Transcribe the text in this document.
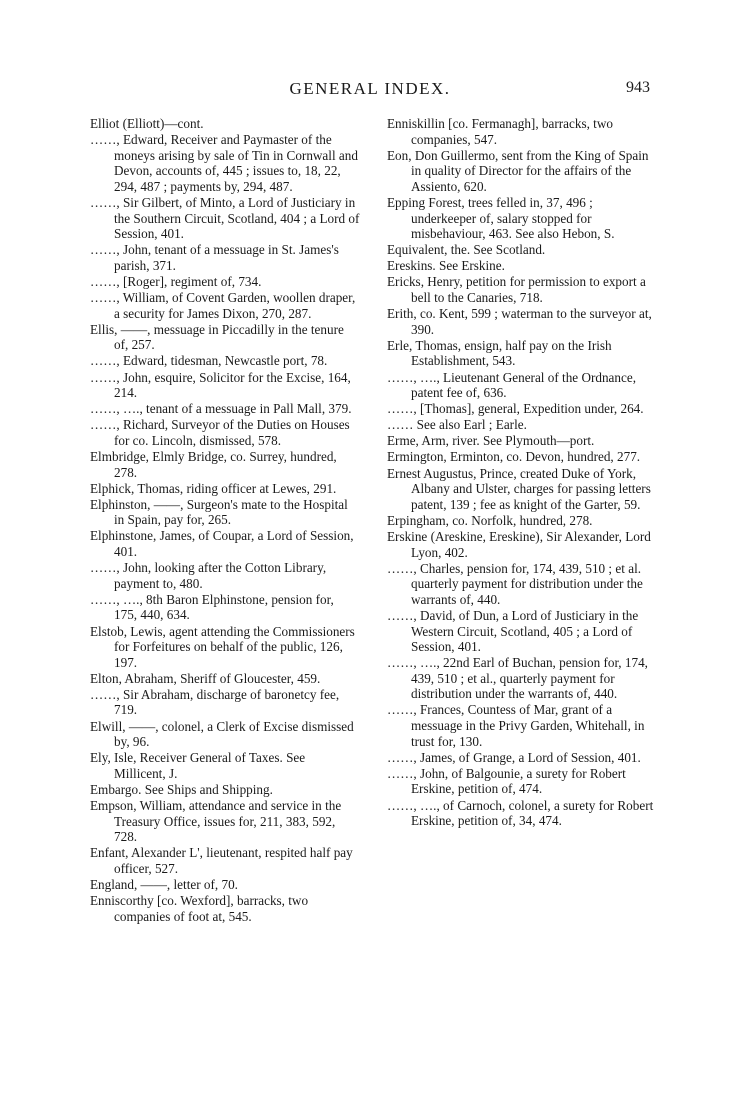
GENERAL INDEX.	943

Elliot (Elliott)—cont.

……, Edward, Receiver and Paymaster of the moneys arising by sale of Tin in Cornwall and Devon, accounts of, 445 ; issues to, 18, 22, 294, 487 ; payments by, 294, 487.

……, Sir Gilbert, of Minto, a Lord of Justiciary in the Southern Circuit, Scotland, 404 ; a Lord of Session, 401.

……, John, tenant of a messuage in St. James's parish, 371.

……, [Roger], regiment of, 734.

……, William, of Covent Garden, woollen draper, a security for James Dixon, 270, 287.

Ellis, ——, messuage in Piccadilly in the tenure of, 257.

……, Edward, tidesman, Newcastle port, 78.

……, John, esquire, Solicitor for the Excise, 164, 214.

……, …., tenant of a messuage in Pall Mall, 379.

……, Richard, Surveyor of the Duties on Houses for co. Lincoln, dismissed, 578.

Elmbridge, Elmly Bridge, co. Surrey, hundred, 278.

Elphick, Thomas, riding officer at Lewes, 291.

Elphinston, ——, Surgeon's mate to the Hospital in Spain, pay for, 265.

Elphinstone, James, of Coupar, a Lord of Session, 401.

……, John, looking after the Cotton Library, payment to, 480.

……, …., 8th Baron Elphinstone, pension for, 175, 440, 634.

Elstob, Lewis, agent attending the Commissioners for Forfeitures on behalf of the public, 126, 197.

Elton, Abraham, Sheriff of Gloucester, 459.

……, Sir Abraham, discharge of baronetcy fee, 719.

Elwill, ——, colonel, a Clerk of Excise dismissed by, 96.

Ely, Isle, Receiver General of Taxes. See Millicent, J.

Embargo. See Ships and Shipping.

Empson, William, attendance and service in the Treasury Office, issues for, 211, 383, 592, 728.

Enfant, Alexander L', lieutenant, respited half pay officer, 527.

England, ——, letter of, 70.

Enniscorthy [co. Wexford], barracks, two companies of foot at, 545.

Enniskillin [co. Fermanagh], barracks, two companies, 547.

Eon, Don Guillermo, sent from the King of Spain in quality of Director for the affairs of the Assiento, 620.

Epping Forest, trees felled in, 37, 496 ; underkeeper of, salary stopped for misbehaviour, 463. See also Hebon, S.

Equivalent, the. See Scotland.

Ereskins. See Erskine.

Ericks, Henry, petition for permission to export a bell to the Canaries, 718.

Erith, co. Kent, 599 ; waterman to the surveyor at, 390.

Erle, Thomas, ensign, half pay on the Irish Establishment, 543.

……, …., Lieutenant General of the Ordnance, patent fee of, 636.

……, [Thomas], general, Expedition under, 264.

…… See also Earl ; Earle.

Erme, Arm, river. See Plymouth—port.

Ermington, Erminton, co. Devon, hundred, 277.

Ernest Augustus, Prince, created Duke of York, Albany and Ulster, charges for passing letters patent, 139 ; fee as knight of the Garter, 59.

Erpingham, co. Norfolk, hundred, 278.

Erskine (Areskine, Ereskine), Sir Alexander, Lord Lyon, 402.

……, Charles, pension for, 174, 439, 510 ; et al. quarterly payment for distribution under the warrants of, 440.

……, David, of Dun, a Lord of Justiciary in the Western Circuit, Scotland, 405 ; a Lord of Session, 401.

……, …., 22nd Earl of Buchan, pension for, 174, 439, 510 ; et al., quarterly payment for distribution under the warrants of, 440.

……, Frances, Countess of Mar, grant of a messuage in the Privy Garden, Whitehall, in trust for, 130.

……, James, of Grange, a Lord of Session, 401.

……, John, of Balgounie, a surety for Robert Erskine, petition of, 474.

……, …., of Carnoch, colonel, a surety for Robert Erskine, petition of, 34, 474.
